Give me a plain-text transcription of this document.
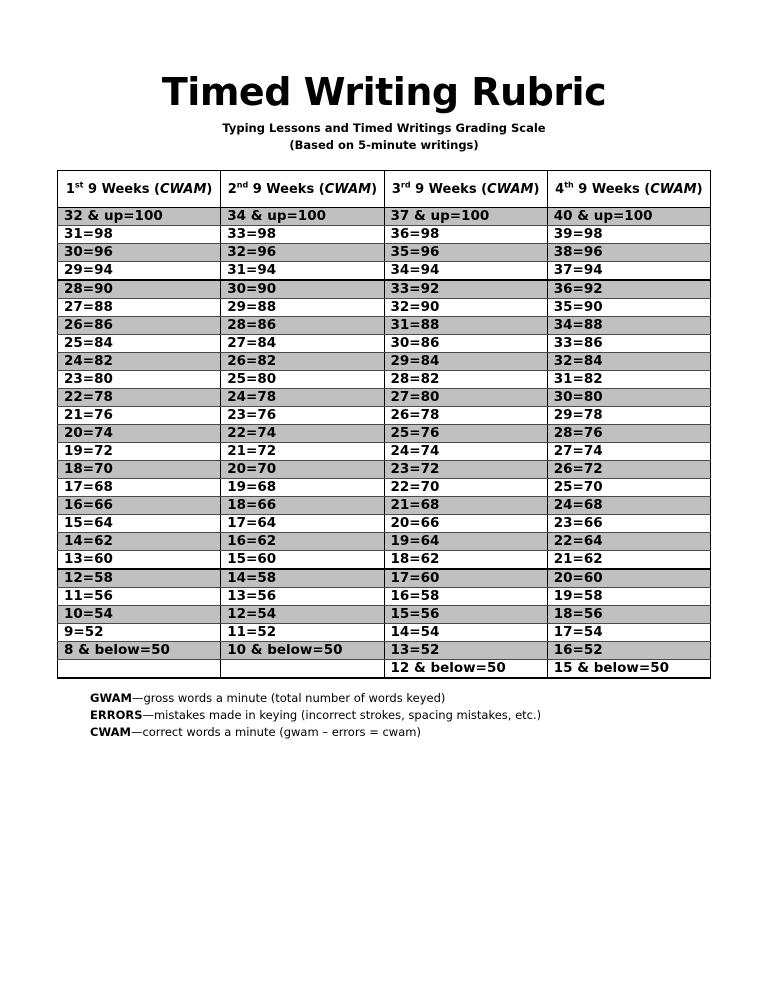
Timed Writing Rubric
Typing Lessons and Timed Writings Grading Scale
(Based on 5-minute writings)
1st 9 Weeks (CWAM)	2nd 9 Weeks (CWAM)	3rd 9 Weeks (CWAM)	4th 9 Weeks (CWAM)
32 & up=100	34 & up=100	37 & up=100	40 & up=100
31=98	33=98	36=98	39=98
30=96	32=96	35=96	38=96
29=94	31=94	34=94	37=94
28=90	30=90	33=92	36=92
27=88	29=88	32=90	35=90
26=86	28=86	31=88	34=88
25=84	27=84	30=86	33=86
24=82	26=82	29=84	32=84
23=80	25=80	28=82	31=82
22=78	24=78	27=80	30=80
21=76	23=76	26=78	29=78
20=74	22=74	25=76	28=76
19=72	21=72	24=74	27=74
18=70	20=70	23=72	26=72
17=68	19=68	22=70	25=70
16=66	18=66	21=68	24=68
15=64	17=64	20=66	23=66
14=62	16=62	19=64	22=64
13=60	15=60	18=62	21=62
12=58	14=58	17=60	20=60
11=56	13=56	16=58	19=58
10=54	12=54	15=56	18=56
9=52	11=52	14=54	17=54
8 & below=50	10 & below=50	13=52	16=52
		12 & below=50	15 & below=50
GWAM—gross words a minute (total number of words keyed)
ERRORS—mistakes made in keying (incorrect strokes, spacing mistakes, etc.)
CWAM—correct words a minute (gwam – errors = cwam)
